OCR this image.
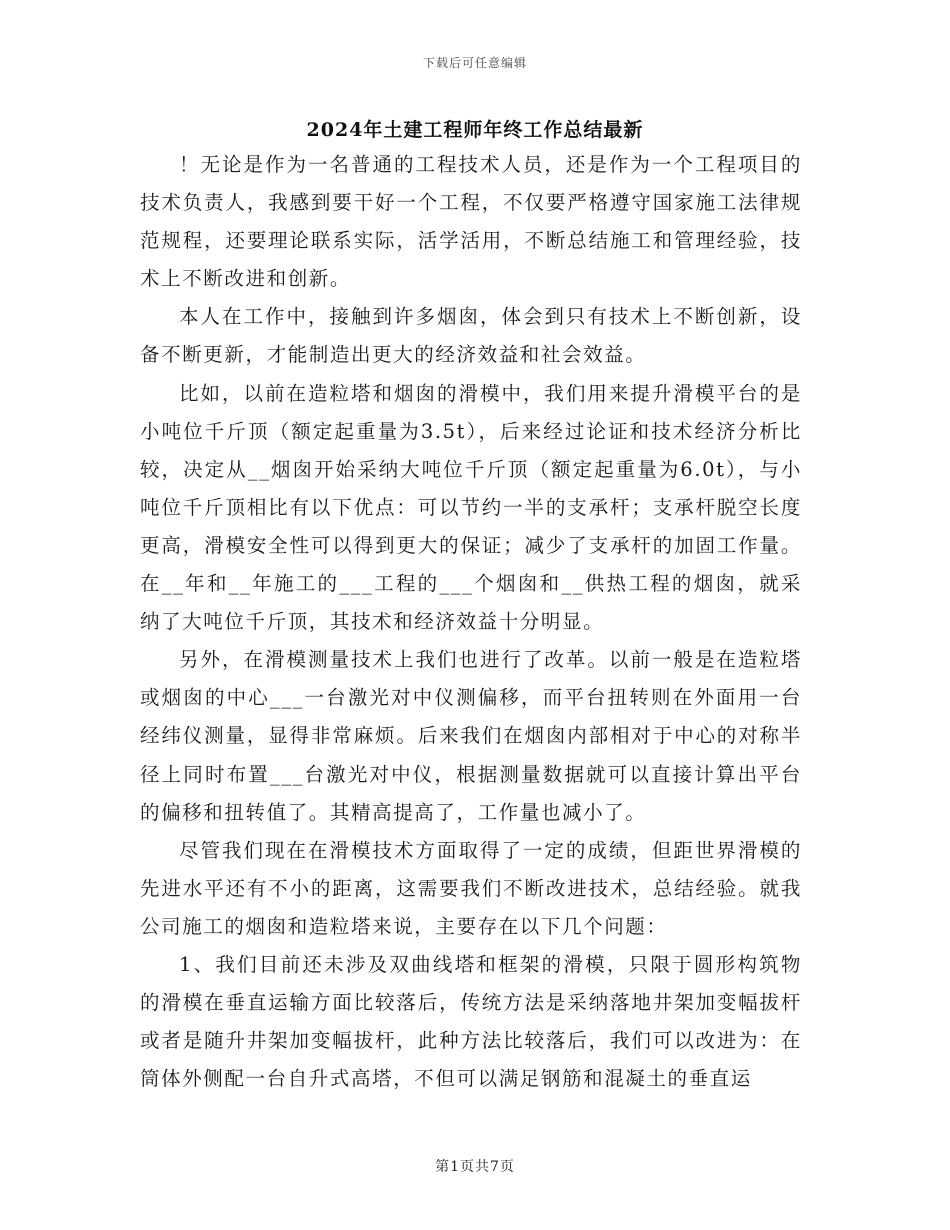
下载后可任意编辑
2024年土建工程师年终工作总结最新

！无论是作为一名普通的工程技术人员，还是作为一个工程项目的技术负责人，我感到要干好一个工程，不仅要严格遵守国家施工法律规范规程，还要理论联系实际，活学活用，不断总结施工和管理经验，技术上不断改进和创新。

本人在工作中，接触到许多烟囱，体会到只有技术上不断创新，设备不断更新，才能制造出更大的经济效益和社会效益。

比如，以前在造粒塔和烟囱的滑模中，我们用来提升滑模平台的是小吨位千斤顶（额定起重量为3.5t），后来经过论证和技术经济分析比较，决定从__烟囱开始采纳大吨位千斤顶（额定起重量为6.0t），与小吨位千斤顶相比有以下优点：可以节约一半的支承杆；支承杆脱空长度更高，滑模安全性可以得到更大的保证；减少了支承杆的加固工作量。在__年和__年施工的___工程的___个烟囱和__供热工程的烟囱，就采纳了大吨位千斤顶，其技术和经济效益十分明显。

另外，在滑模测量技术上我们也进行了改革。以前一般是在造粒塔或烟囱的中心___一台激光对中仪测偏移，而平台扭转则在外面用一台经纬仪测量，显得非常麻烦。后来我们在烟囱内部相对于中心的对称半径上同时布置___台激光对中仪，根据测量数据就可以直接计算出平台的偏移和扭转值了。其精高提高了，工作量也减小了。

尽管我们现在在滑模技术方面取得了一定的成绩，但距世界滑模的先进水平还有不小的距离，这需要我们不断改进技术，总结经验。就我公司施工的烟囱和造粒塔来说，主要存在以下几个问题：

1、我们目前还未涉及双曲线塔和框架的滑模，只限于圆形构筑物的滑模在垂直运输方面比较落后，传统方法是采纳落地井架加变幅拔杆或者是随升井架加变幅拔杆，此种方法比较落后，我们可以改进为：在筒体外侧配一台自升式高塔，不但可以满足钢筋和混凝土的垂直运

第1页共7页
